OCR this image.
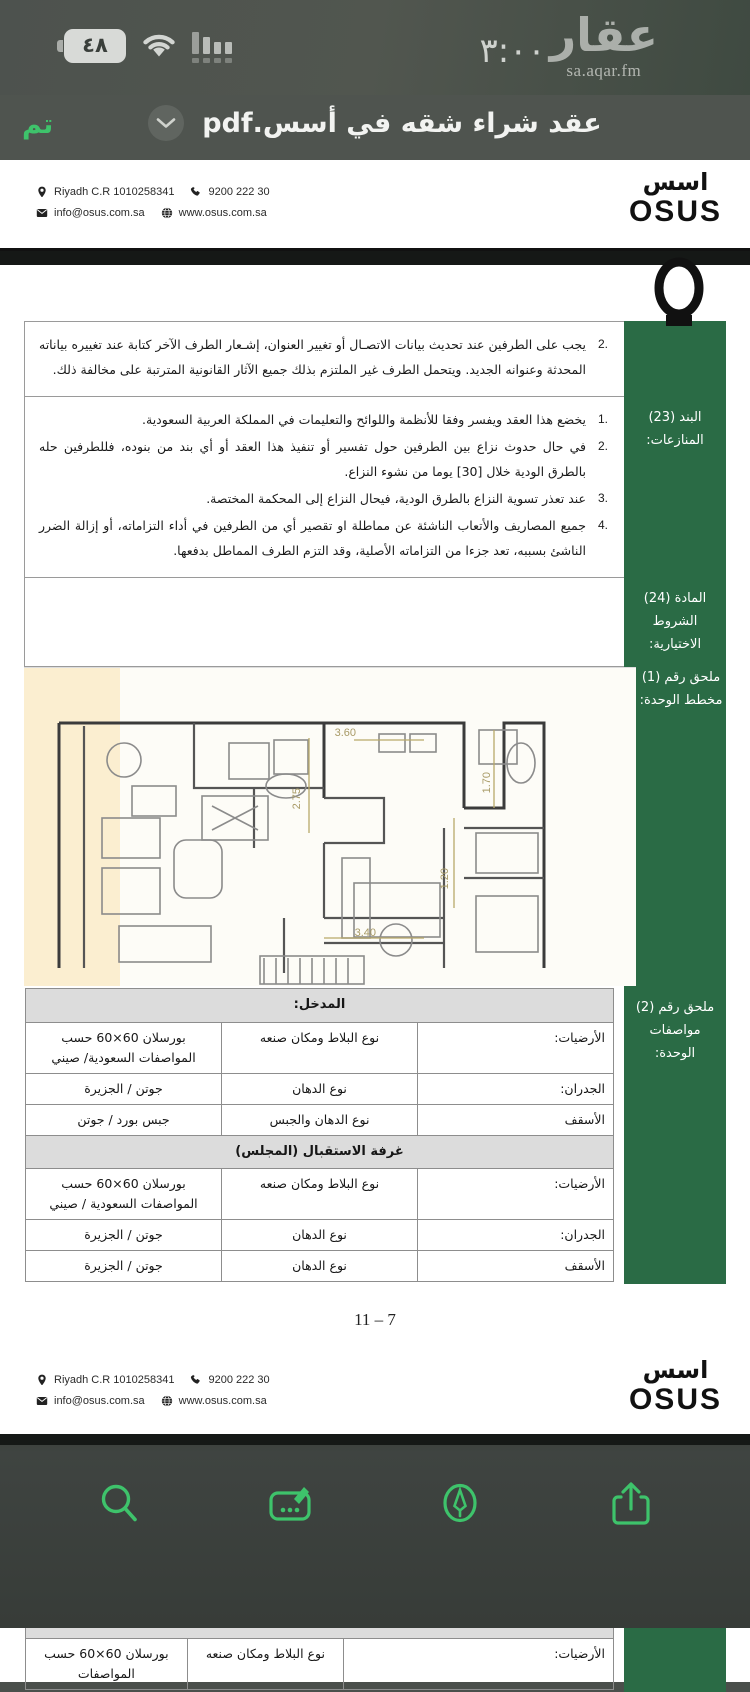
٤٨	٣:٠٠ عقار
sa.aqar.fm
تم	عقد شراء شقه في أسس.pdf
اسس
OSUS
Riyadh C.R 1010258341	9200 222 30
info@osus.com.sa	www.osus.com.sa

2.
يجب على الطرفين عند تحديث بيانات الاتصـال أو تغيير العنوان، إشـعار الطرف الآخر كتابة عند تغييره بياناته المحدثة وعنوانه الجديد. ويتحمل الطرف غير الملتزم بذلك جميع الآثار القانونية المترتبة على مخالفة ذلك.
البند (23) المنازعات:	
1.
يخضع هذا العقد ويفسر وفقا للأنظمة واللوائح والتعليمات في المملكة العربية السعودية.
2.
في حال حدوث نزاع بين الطرفين حول تفسير أو تنفيذ هذا العقد أو أي بند من بنوده، فللطرفين حله بالطرق الودية خلال [30] يوما من نشوء النزاع.
3.
عند تعذر تسوية النزاع بالطرق الودية، فيحال النزاع إلى المحكمة المختصة.
4.
جميع المصاريف والأتعاب الناشئة عن مماطلة او تقصير أي من الطرفين في أداء التزاماته، أو إزالة الضرر الناشئ بسببه، تعد جزءا من التزاماته الأصلية، وقد التزم الطرف المماطل بدفعها.

المادة (24) الشروط الاختيارية:	
ملحق رقم (1) مخطط الوحدة:	
3.60
2.75
1.20
1.70
3.40
ملحق رقم (2) مواصفات الوحدة:	
المدخل:
الأرضيات:	نوع البلاط ومكان صنعه	بورسلان 60×60 حسب المواصفات السعودية/ صيني
الجدران:	نوع الدهان	جوتن / الجزيرة
الأسقف	نوع الدهان والجبس	جبس بورد / جوتن
غرفة الاستقبال (المجلس)
الأرضيات:	نوع البلاط ومكان صنعه	بورسلان 60×60 حسب المواصفات السعودية / صيني
الجدران:	نوع الدهان	جوتن / الجزيرة
الأسقف	نوع الدهان	جوتن / الجزيرة
11 – 7
اسس
OSUS
Riyadh C.R 1010258341	9200 222 30
info@osus.com.sa	www.osus.com.sa

الأرضيات:	نوع البلاط ومكان صنعه	بورسلان 60×60 حسب المواصفات
